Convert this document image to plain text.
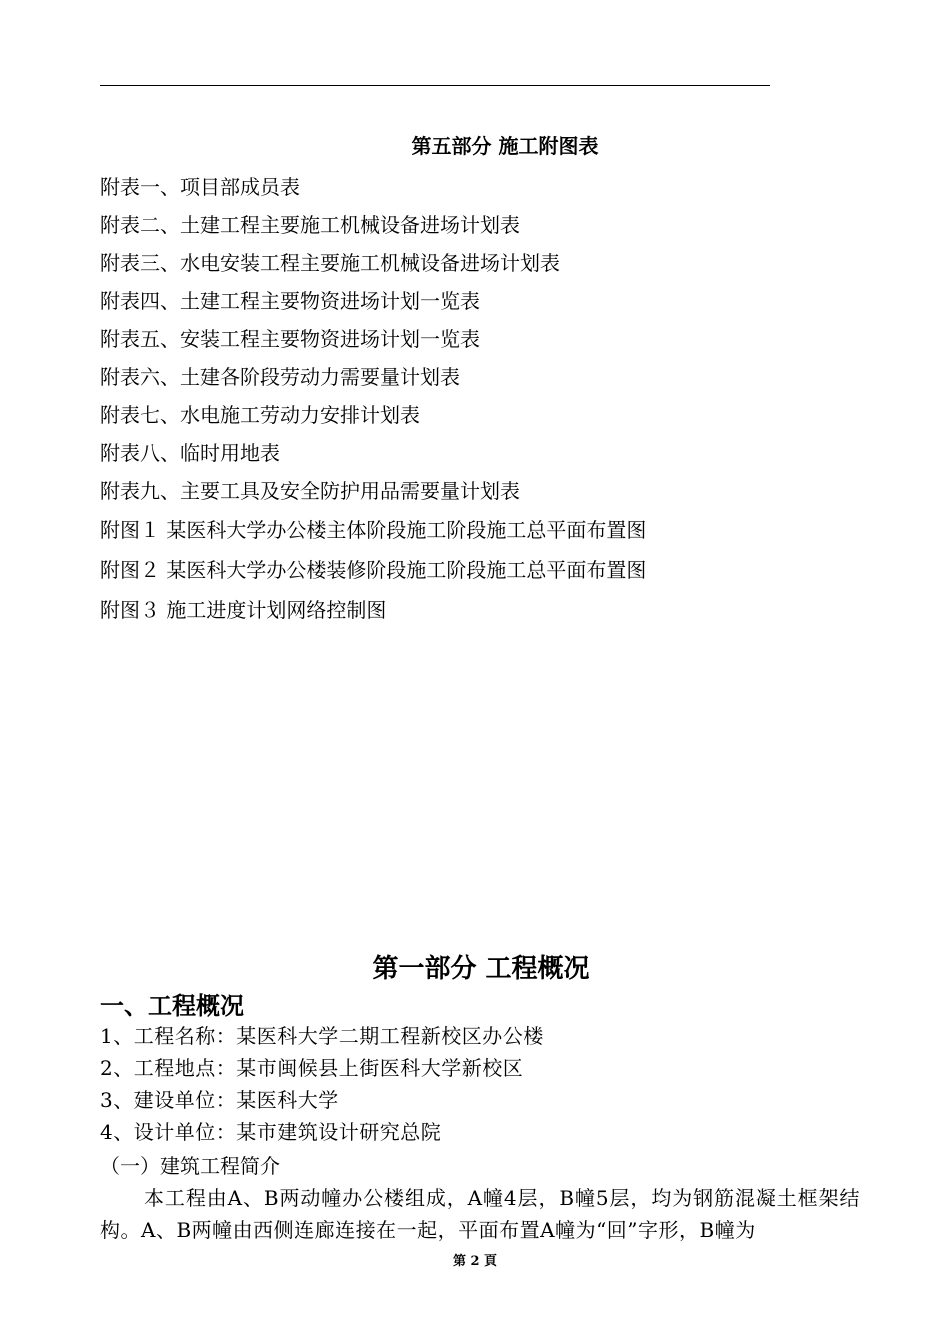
第五部分 施工附图表
附表一、项目部成员表
附表二、土建工程主要施工机械设备进场计划表
附表三、水电安装工程主要施工机械设备进场计划表
附表四、土建工程主要物资进场计划一览表
附表五、安装工程主要物资进场计划一览表
附表六、土建各阶段劳动力需要量计划表
附表七、水电施工劳动力安排计划表
附表八、临时用地表
附表九、主要工具及安全防护用品需要量计划表
附图１ 某医科大学办公楼主体阶段施工阶段施工总平面布置图
附图２ 某医科大学办公楼装修阶段施工阶段施工总平面布置图
附图３ 施工进度计划网络控制图
第一部分 工程概况
一、工程概况
1、工程名称：某医科大学二期工程新校区办公楼
2、工程地点：某市闽候县上街医科大学新校区
3、建设单位：某医科大学
4、设计单位：某市建筑设计研究总院
（一）建筑工程简介

本工程由A、B两动幢办公楼组成，A幢4层，B幢5层，均为钢筋混凝土框架结构。A、B两幢由西侧连廊连接在一起，平面布置A幢为“回”字形，B幢为

第 2 頁
